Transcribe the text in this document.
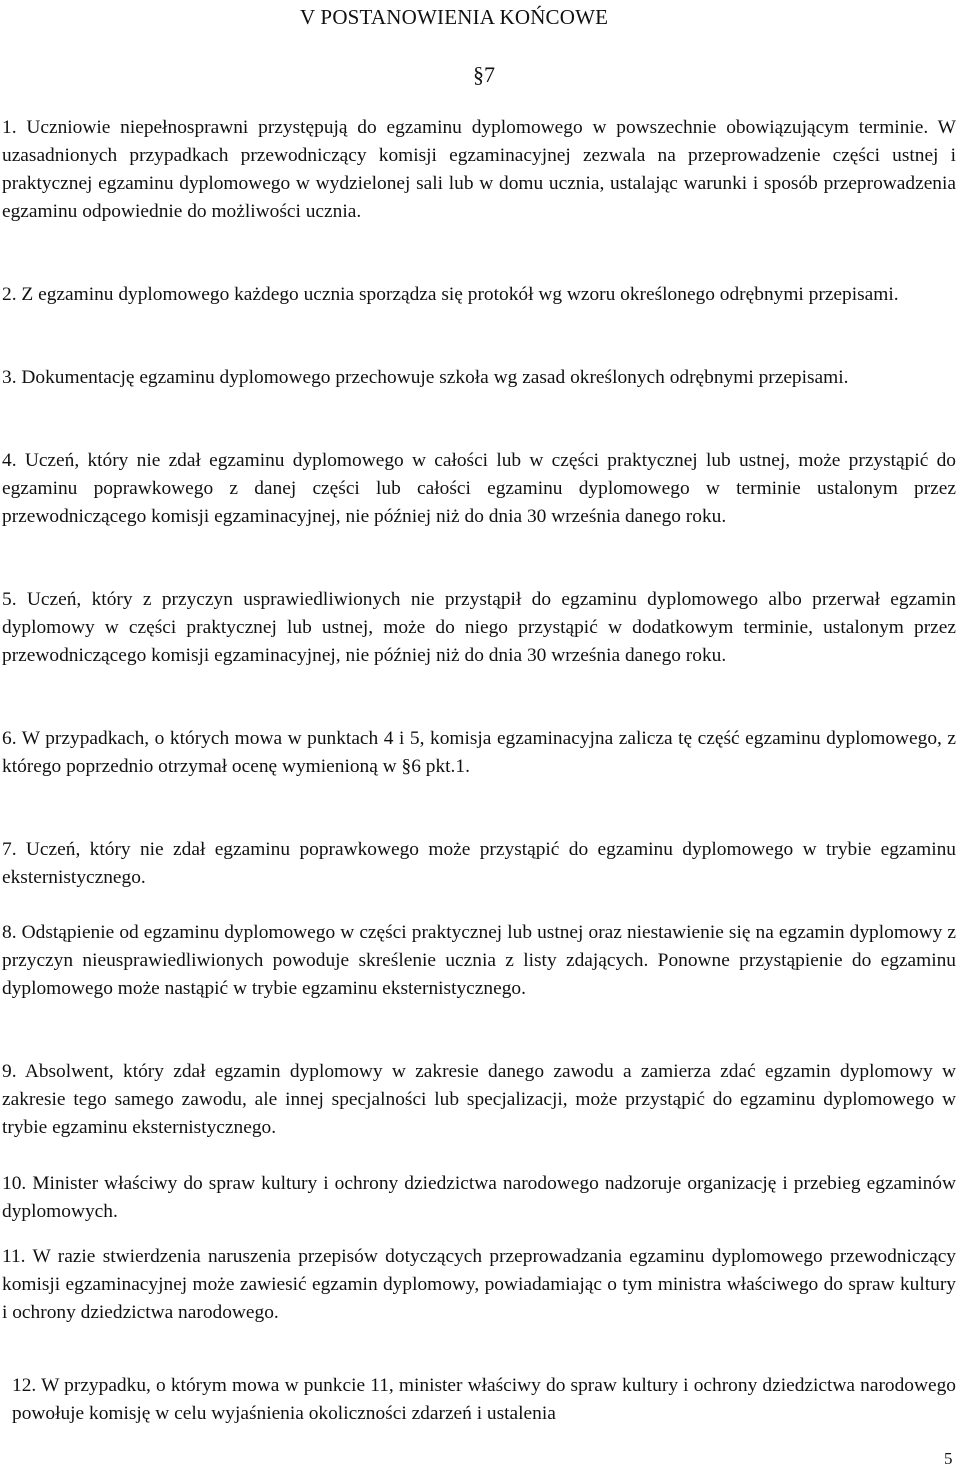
V POSTANOWIENIA KOŃCOWE
§7
1. Uczniowie niepełnosprawni przystępują do egzaminu dyplomowego w powszechnie obowiązującym terminie. W uzasadnionych przypadkach przewodniczący komisji egzaminacyjnej zezwala na przeprowadzenie części ustnej i praktycznej egzaminu dyplomowego w wydzielonej sali lub w domu ucznia, ustalając warunki i sposób przeprowadzenia egzaminu odpowiednie do możliwości ucznia.
2. Z egzaminu dyplomowego każdego ucznia sporządza się protokół wg wzoru określonego odrębnymi przepisami.
3. Dokumentację egzaminu dyplomowego przechowuje szkoła wg zasad określonych odrębnymi przepisami.
4. Uczeń, który nie zdał egzaminu dyplomowego w całości lub w części praktycznej lub ustnej, może przystąpić do egzaminu poprawkowego z danej części lub całości egzaminu dyplomowego w terminie ustalonym przez przewodniczącego komisji egzaminacyjnej, nie później niż do dnia 30 września danego roku.
5. Uczeń, który z przyczyn usprawiedliwionych nie przystąpił do egzaminu dyplomowego albo przerwał egzamin dyplomowy w części praktycznej lub ustnej, może do niego przystąpić w dodatkowym terminie, ustalonym przez przewodniczącego komisji egzaminacyjnej, nie później niż do dnia 30 września danego roku.
6. W przypadkach, o których mowa w punktach 4 i 5, komisja egzaminacyjna zalicza tę część egzaminu dyplomowego, z którego poprzednio otrzymał ocenę wymienioną w §6 pkt.1.
7. Uczeń, który nie zdał egzaminu poprawkowego może przystąpić do egzaminu dyplomowego w trybie egzaminu eksternistycznego.
8. Odstąpienie od egzaminu dyplomowego w części praktycznej lub ustnej oraz niestawienie się na egzamin dyplomowy z przyczyn nieusprawiedliwionych powoduje skreślenie ucznia z listy zdających. Ponowne przystąpienie do egzaminu dyplomowego może nastąpić w trybie egzaminu eksternistycznego.
9. Absolwent, który zdał egzamin dyplomowy w zakresie danego zawodu a zamierza zdać egzamin dyplomowy w zakresie tego samego zawodu, ale innej specjalności lub specjalizacji, może przystąpić do egzaminu dyplomowego w trybie egzaminu eksternistycznego.
10. Minister właściwy do spraw kultury i ochrony dziedzictwa narodowego nadzoruje organizację i przebieg egzaminów dyplomowych.
11. W razie stwierdzenia naruszenia przepisów dotyczących przeprowadzania egzaminu dyplomowego przewodniczący komisji egzaminacyjnej może zawiesić egzamin dyplomowy, powiadamiając o tym ministra właściwego do spraw kultury i ochrony dziedzictwa narodowego.
12. W przypadku, o którym mowa w punkcie 11, minister właściwy do spraw kultury i ochrony dziedzictwa narodowego powołuje komisję w celu wyjaśnienia okoliczności zdarzeń i ustalenia
5
